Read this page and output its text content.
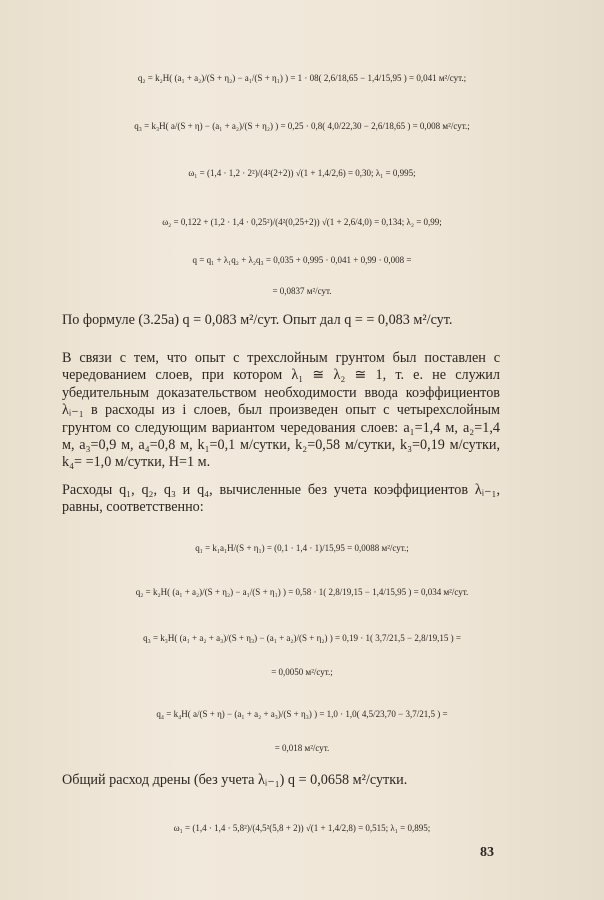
q₂ = k₂H( (a₁ + a₂)/(S + η₂) − a₁/(S + η₁) ) = 1 · 08( 2,6/18,65 − 1,4/15,95 ) = 0,041 м²/сут.;
q₃ = k₃H( a/(S + η) − (a₁ + a₂)/(S + η₂) ) = 0,25 · 0,8( 4,0/22,30 − 2,6/18,65 ) = 0,008 м²/сут.;
ω₁ = (1,4 · 1,2 · 2²)/(4²(2+2)) √(1 + 1,4/2,6) = 0,30; λ₁ = 0,995;
ω₂ = 0,122 + (1,2 · 1,4 · 0,25²)/(4²(0,25+2)) √(1 + 2,6/4,0) = 0,134; λ₂ = 0,99;
q = q₁ + λ₁q₂ + λ₂q₃ = 0,035 + 0,995 · 0,041 + 0,99 · 0,008 =
= 0,0837 м²/сут.
По формуле (3.25а) q = 0,083 м²/сут. Опыт дал q = = 0,083 м²/сут.
В связи с тем, что опыт с трехслойным грунтом был поставлен с чередованием слоев, при котором λ₁ ≅ λ₂ ≅ 1, т. е. не служил убедительным доказательством необходимости ввода коэффициентов λᵢ₋₁ в расходы из i слоев, был произведен опыт с четырехслойным грунтом со следующим вариантом чередования слоев: a₁=1,4 м, a₂=1,4 м, a₃=0,9 м, a₄=0,8 м, k₁=0,1 м/сутки, k₂=0,58 м/сутки, k₃=0,19 м/сутки, k₄= =1,0 м/сутки, H=1 м.
Расходы q₁, q₂, q₃ и q₄, вычисленные без учета коэффициентов λᵢ₋₁, равны, соответственно:
q₁ = k₁a₁H/(S + η₁) = (0,1 · 1,4 · 1)/15,95 = 0,0088 м²/сут.;
q₂ = k₂H( (a₁ + a₂)/(S + η₂) − a₁/(S + η₁) ) = 0,58 · 1( 2,8/19,15 − 1,4/15,95 ) = 0,034 м²/сут.
q₃ = k₃H( (a₁ + a₂ + a₃)/(S + η₃) − (a₁ + a₂)/(S + η₂) ) = 0,19 · 1( 3,7/21,5 − 2,8/19,15 ) =
= 0,0050 м²/сут.;
q₄ = k₄H( a/(S + η) − (a₁ + a₂ + a₃)/(S + η₃) ) = 1,0 · 1,0( 4,5/23,70 − 3,7/21,5 ) =
= 0,018 м²/сут.
Общий расход дрены (без учета λᵢ₋₁) q = 0,0658 м²/сутки.
ω₁ = (1,4 · 1,4 · 5,8²)/(4,5²(5,8 + 2)) √(1 + 1,4/2,8) = 0,515; λ₁ = 0,895;
83
